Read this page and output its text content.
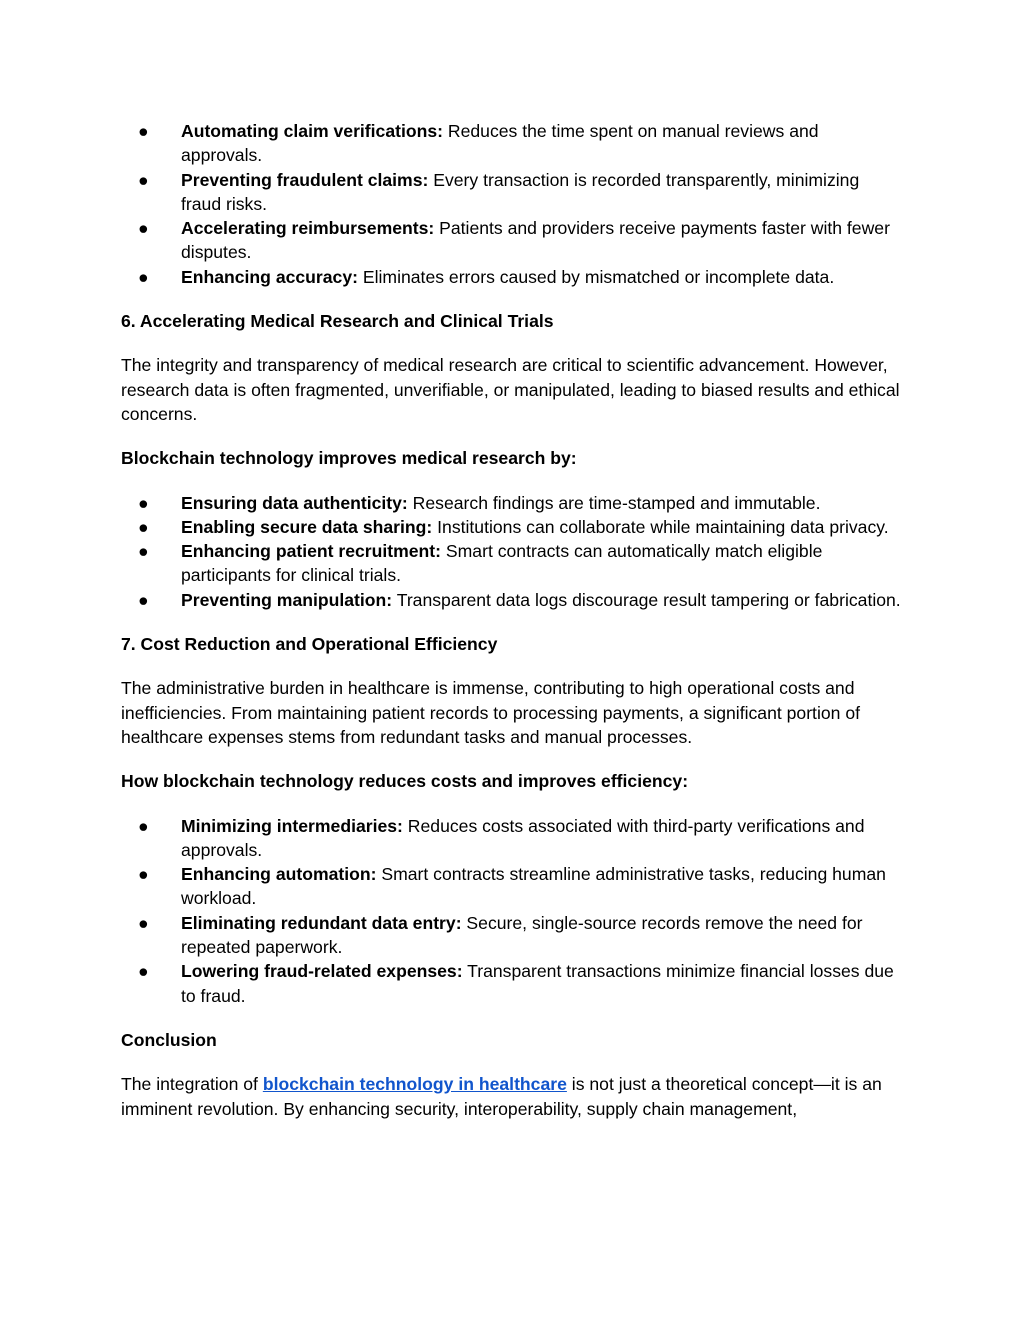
● Automating claim verifications: Reduces the time spent on manual reviews and approvals.
● Preventing fraudulent claims: Every transaction is recorded transparently, minimizing fraud risks.
● Accelerating reimbursements: Patients and providers receive payments faster with fewer disputes.
● Enhancing accuracy: Eliminates errors caused by mismatched or incomplete data.
6. Accelerating Medical Research and Clinical Trials

The integrity and transparency of medical research are critical to scientific advancement. However, research data is often fragmented, unverifiable, or manipulated, leading to biased results and ethical concerns.

Blockchain technology improves medical research by:

● Ensuring data authenticity: Research findings are time-stamped and immutable.
● Enabling secure data sharing: Institutions can collaborate while maintaining data privacy.
● Enhancing patient recruitment: Smart contracts can automatically match eligible participants for clinical trials.
● Preventing manipulation: Transparent data logs discourage result tampering or fabrication.
7. Cost Reduction and Operational Efficiency

The administrative burden in healthcare is immense, contributing to high operational costs and inefficiencies. From maintaining patient records to processing payments, a significant portion of healthcare expenses stems from redundant tasks and manual processes.

How blockchain technology reduces costs and improves efficiency:

● Minimizing intermediaries: Reduces costs associated with third-party verifications and approvals.
● Enhancing automation: Smart contracts streamline administrative tasks, reducing human workload.
● Eliminating redundant data entry: Secure, single-source records remove the need for repeated paperwork.
● Lowering fraud-related expenses: Transparent transactions minimize financial losses due to fraud.
Conclusion

The integration of blockchain technology in healthcare is not just a theoretical concept—it is an imminent revolution. By enhancing security, interoperability, supply chain management,
